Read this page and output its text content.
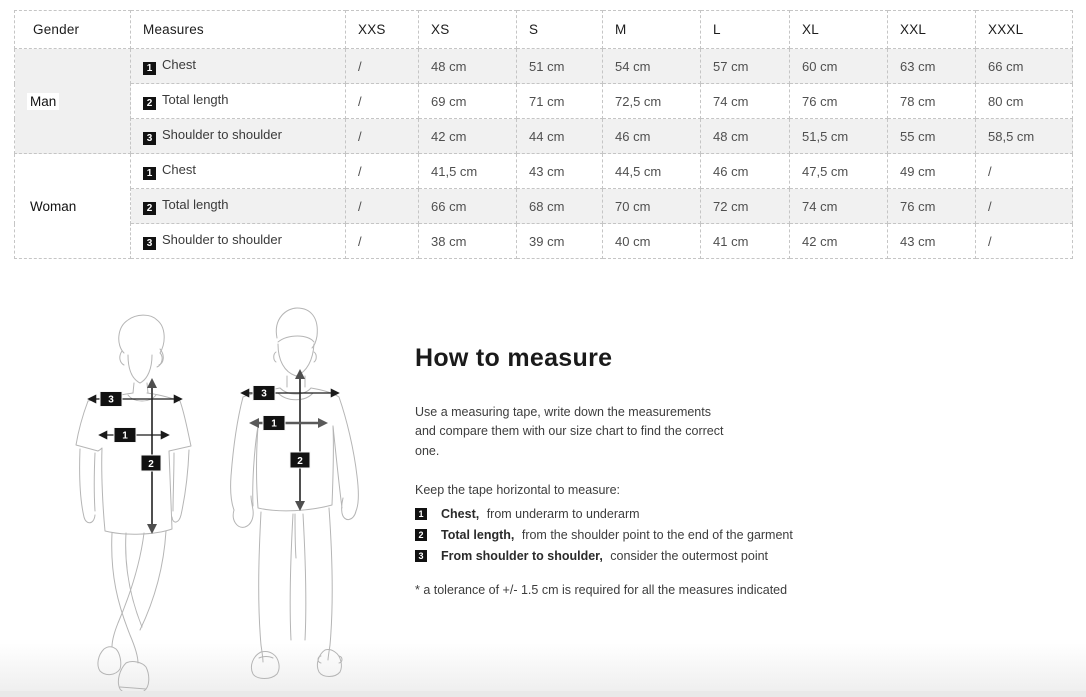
Gender	Measures	XXS	XS	S	M	L	XL	XXL	XXXL
Man	1 Chest	/	48 cm	51 cm	54 cm	57 cm	60 cm	63 cm	66 cm
	2 Total length	/	69 cm	71 cm	72,5 cm	74 cm	76 cm	78 cm	80 cm
	3 Shoulder to shoulder	/	42 cm	44 cm	46 cm	48 cm	51,5 cm	55 cm	58,5 cm
Woman	1 Chest	/	41,5 cm	43 cm	44,5 cm	46 cm	47,5 cm	49 cm	/
	2 Total length	/	66 cm	68 cm	70 cm	72 cm	74 cm	76 cm	/
	3 Shoulder to shoulder	/	38 cm	39 cm	40 cm	41 cm	42 cm	43 cm	/
3
1
2
3
1
2
How to measure

Use a measuring tape, write down the measurements and compare them with our size chart to find the correct one.

Keep the tape horizontal to measure:

1 Chest, from underarm to underarm
2 Total length, from the shoulder point to the end of the garment
3 From shoulder to shoulder, consider the outermost point

* a tolerance of +/- 1.5 cm is required for all the measures indicated
